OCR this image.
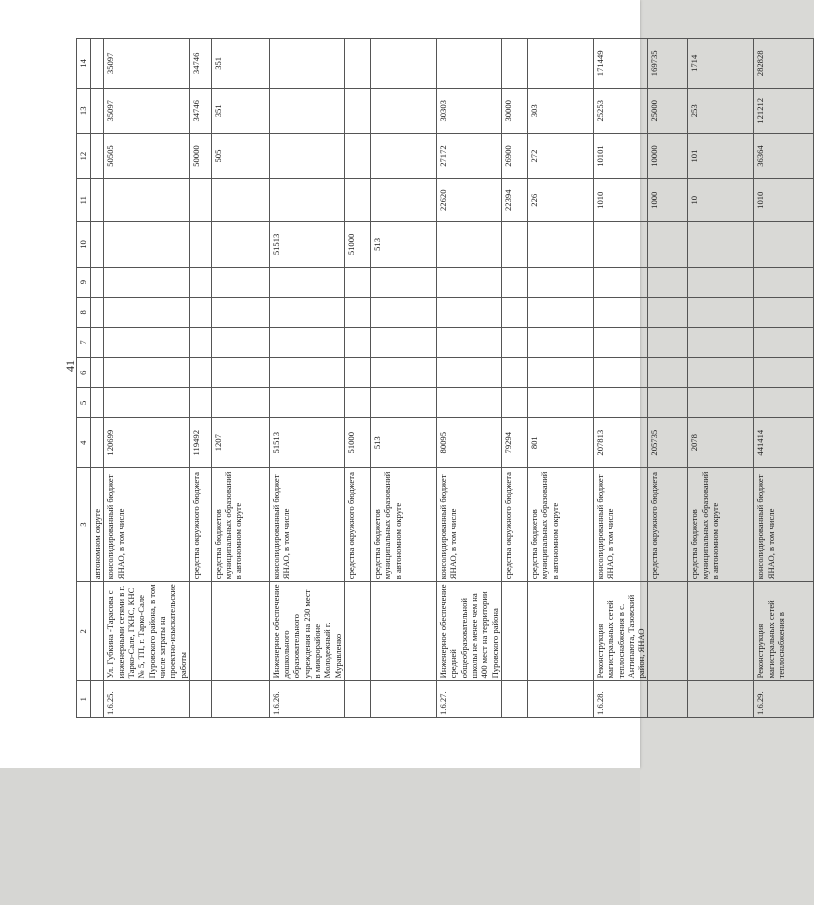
41
1	2	3	4	5	6	7	8	9	10	11	12	13	14
		автономном округе											
1.6.25.	Ул. Губкина -Тарасова с инженерными сетями в г. Тарко-Сале, ГКНС, КНС № 5, ТП, г. Тарко-Сале Пуровского района, в том числе затраты на проектно-изыскательские работы	консолидированный бюджет ЯНАО, в том числе	120699								50505	35097	35097
		средства окружного бюджета	119492								50000	34746	34746
		средства бюджетов муниципальных образований в автономном округе	1207								505	351	351
1.6.26.	Инженерное обеспечение дошкольного образовательного учреждения на 230 мест в микрорайоне Молодежный г. Муравленко	консолидированный бюджет ЯНАО, в том числе	51513						51513				
		средства окружного бюджета	51000						51000				
		средства бюджетов муниципальных образований в автономном округе	513						513				
1.6.27.	Инженерное обеспечение средней общеобразовательной школы не менее чем на 400 мест на территории Пуровского района	консолидированный бюджет ЯНАО, в том числе	80095							22620	27172	30303	
		средства окружного бюджета	79294							22394	26900	30000	
		средства бюджетов муниципальных образований в автономном округе	801							226	272	303	
1.6.28.	Реконструкция магистральных сетей теплоснабжения в с. Антипаюта, Тазовский район, ЯНАО	консолидированный бюджет ЯНАО, в том числе	207813							1010	10101	25253	171449
		средства окружного бюджета	205735							1000	10000	25000	169735
		средства бюджетов муниципальных образований в автономном округе	2078							10	101	253	1714
1.6.29.	Реконструкция магистральных сетей теплоснабжения в	консолидированный бюджет ЯНАО, в том числе	441414							1010	36364	121212	282828
